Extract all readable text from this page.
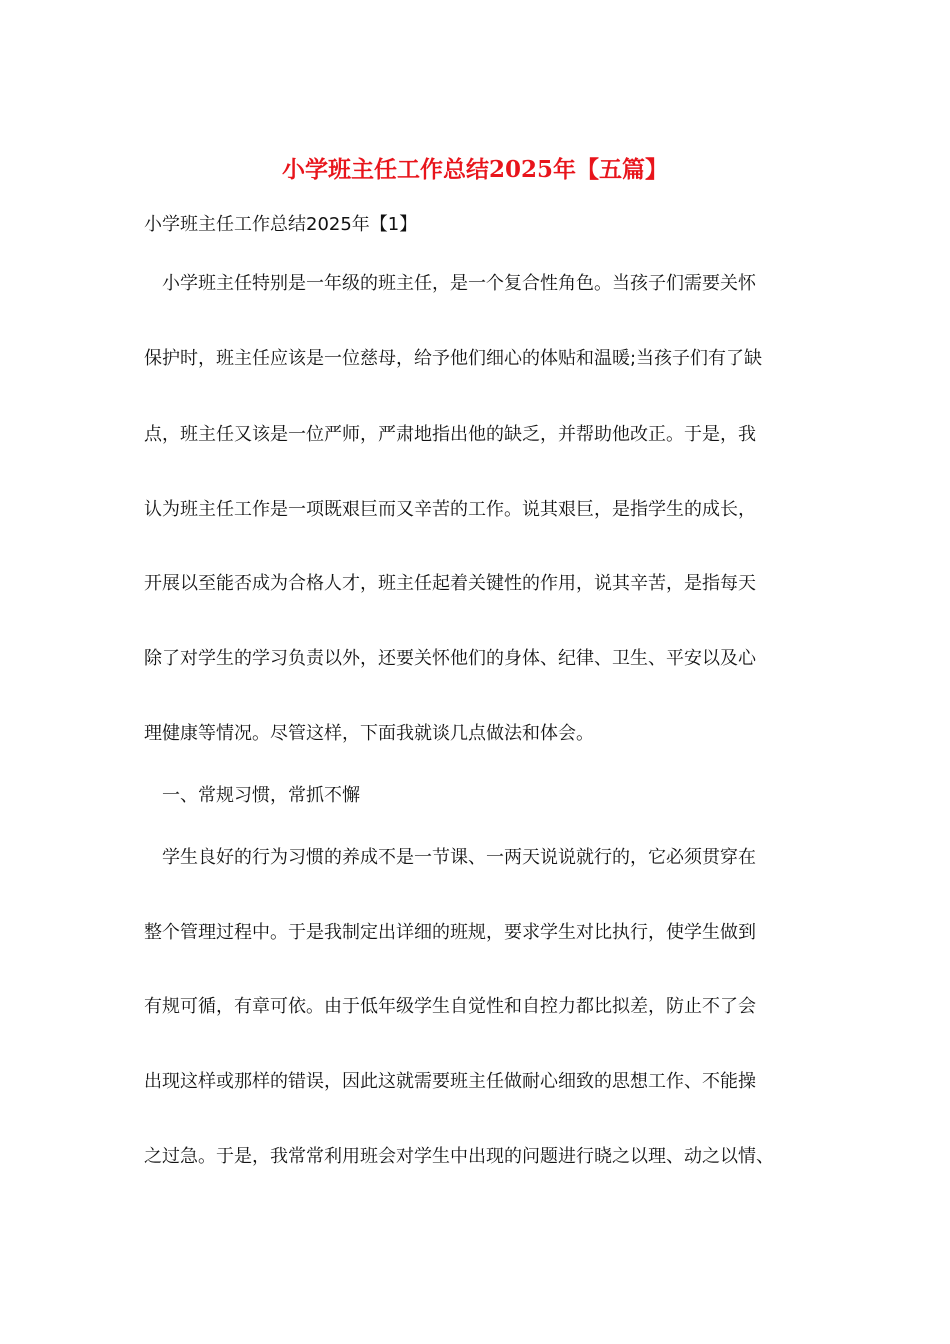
小学班主任工作总结2025年【五篇】
小学班主任工作总结2025年【1】

小学班主任特别是一年级的班主任，是一个复合性角色。当孩子们需要关怀

保护时，班主任应该是一位慈母，给予他们细心的体贴和温暖;当孩子们有了缺

点，班主任又该是一位严师，严肃地指出他的缺乏，并帮助他改正。于是，我

认为班主任工作是一项既艰巨而又辛苦的工作。说其艰巨，是指学生的成长，

开展以至能否成为合格人才，班主任起着关键性的作用，说其辛苦，是指每天

除了对学生的学习负责以外，还要关怀他们的身体、纪律、卫生、平安以及心

理健康等情况。尽管这样，下面我就谈几点做法和体会。

一、常规习惯，常抓不懈

学生良好的行为习惯的养成不是一节课、一两天说说就行的，它必须贯穿在

整个管理过程中。于是我制定出详细的班规，要求学生对比执行，使学生做到

有规可循，有章可依。由于低年级学生自觉性和自控力都比拟差，防止不了会

出现这样或那样的错误，因此这就需要班主任做耐心细致的思想工作、不能操

之过急。于是，我常常利用班会对学生中出现的问题进行晓之以理、动之以情、
